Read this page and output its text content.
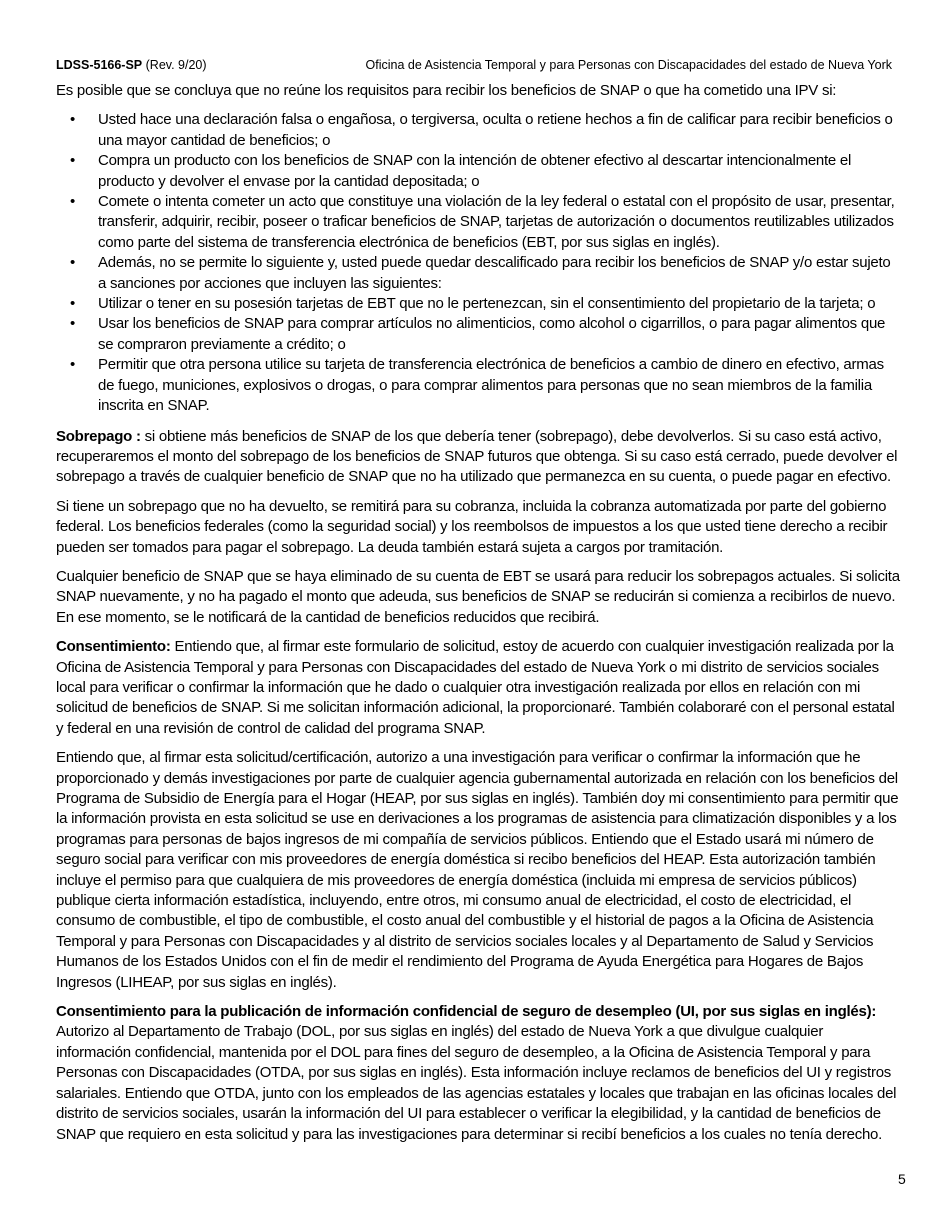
LDSS-5166-SP (Rev. 9/20)	Oficina de Asistencia Temporal y para Personas con Discapacidades del estado de Nueva York

Es posible que se concluya que no reúne los requisitos para recibir los beneficios de SNAP o que ha cometido una IPV si:

• Usted hace una declaración falsa o engañosa, o tergiversa, oculta o retiene hechos a fin de calificar para recibir beneficios o una mayor cantidad de beneficios; o
• Compra un producto con los beneficios de SNAP con la intención de obtener efectivo al descartar intencionalmente el producto y devolver el envase por la cantidad depositada; o
• Comete o intenta cometer un acto que constituye una violación de la ley federal o estatal con el propósito de usar, presentar, transferir, adquirir, recibir, poseer o traficar beneficios de SNAP, tarjetas de autorización o documentos reutilizables utilizados como parte del sistema de transferencia electrónica de beneficios (EBT, por sus siglas en inglés).
• Además, no se permite lo siguiente y, usted puede quedar descalificado para recibir los beneficios de SNAP y/o estar sujeto a sanciones por acciones que incluyen las siguientes:
• Utilizar o tener en su posesión tarjetas de EBT que no le pertenezcan, sin el consentimiento del propietario de la tarjeta; o
• Usar los beneficios de SNAP para comprar artículos no alimenticios, como alcohol o cigarrillos, o para pagar alimentos que se compraron previamente a crédito; o
• Permitir que otra persona utilice su tarjeta de transferencia electrónica de beneficios a cambio de dinero en efectivo, armas de fuego, municiones, explosivos o drogas, o para comprar alimentos para personas que no sean miembros de la familia inscrita en SNAP.

Sobrepago : si obtiene más beneficios de SNAP de los que debería tener (sobrepago), debe devolverlos. Si su caso está activo, recuperaremos el monto del sobrepago de los beneficios de SNAP futuros que obtenga. Si su caso está cerrado, puede devolver el sobrepago a través de cualquier beneficio de SNAP que no ha utilizado que permanezca en su cuenta, o puede pagar en efectivo.

Si tiene un sobrepago que no ha devuelto, se remitirá para su cobranza, incluida la cobranza automatizada por parte del gobierno federal. Los beneficios federales (como la seguridad social) y los reembolsos de impuestos a los que usted tiene derecho a recibir pueden ser tomados para pagar el sobrepago. La deuda también estará sujeta a cargos por tramitación.

Cualquier beneficio de SNAP que se haya eliminado de su cuenta de EBT se usará para reducir los sobrepagos actuales. Si solicita SNAP nuevamente, y no ha pagado el monto que adeuda, sus beneficios de SNAP se reducirán si comienza a recibirlos de nuevo. En ese momento, se le notificará de la cantidad de beneficios reducidos que recibirá.

Consentimiento: Entiendo que, al firmar este formulario de solicitud, estoy de acuerdo con cualquier investigación realizada por la Oficina de Asistencia Temporal y para Personas con Discapacidades del estado de Nueva York o mi distrito de servicios sociales local para verificar o confirmar la información que he dado o cualquier otra investigación realizada por ellos en relación con mi solicitud de beneficios de SNAP. Si me solicitan información adicional, la proporcionaré. También colaboraré con el personal estatal y federal en una revisión de control de calidad del programa SNAP.

Entiendo que, al firmar esta solicitud/certificación, autorizo a una investigación para verificar o confirmar la información que he proporcionado y demás investigaciones por parte de cualquier agencia gubernamental autorizada en relación con los beneficios del Programa de Subsidio de Energía para el Hogar (HEAP, por sus siglas en inglés). También doy mi consentimiento para permitir que la información provista en esta solicitud se use en derivaciones a los programas de asistencia para climatización disponibles y a los programas para personas de bajos ingresos de mi compañía de servicios públicos. Entiendo que el Estado usará mi número de seguro social para verificar con mis proveedores de energía doméstica si recibo beneficios del HEAP. Esta autorización también incluye el permiso para que cualquiera de mis proveedores de energía doméstica (incluida mi empresa de servicios públicos) publique cierta información estadística, incluyendo, entre otros, mi consumo anual de electricidad, el costo de electricidad, el consumo de combustible, el tipo de combustible, el costo anual del combustible y el historial de pagos a la Oficina de Asistencia Temporal y para Personas con Discapacidades y al distrito de servicios sociales locales y al Departamento de Salud y Servicios Humanos de los Estados Unidos con el fin de medir el rendimiento del Programa de Ayuda Energética para Hogares de Bajos Ingresos (LIHEAP, por sus siglas en inglés).

Consentimiento para la publicación de información confidencial de seguro de desempleo (UI, por sus siglas en inglés): Autorizo al Departamento de Trabajo (DOL, por sus siglas en inglés) del estado de Nueva York a que divulgue cualquier información confidencial, mantenida por el DOL para fines del seguro de desempleo, a la Oficina de Asistencia Temporal y para Personas con Discapacidades (OTDA, por sus siglas en inglés). Esta información incluye reclamos de beneficios del UI y registros salariales. Entiendo que OTDA, junto con los empleados de las agencias estatales y locales que trabajan en las oficinas locales del distrito de servicios sociales, usarán la información del UI para establecer o verificar la elegibilidad, y la cantidad de beneficios de SNAP que requiero en esta solicitud y para las investigaciones para determinar si recibí beneficios a los cuales no tenía derecho.

5
